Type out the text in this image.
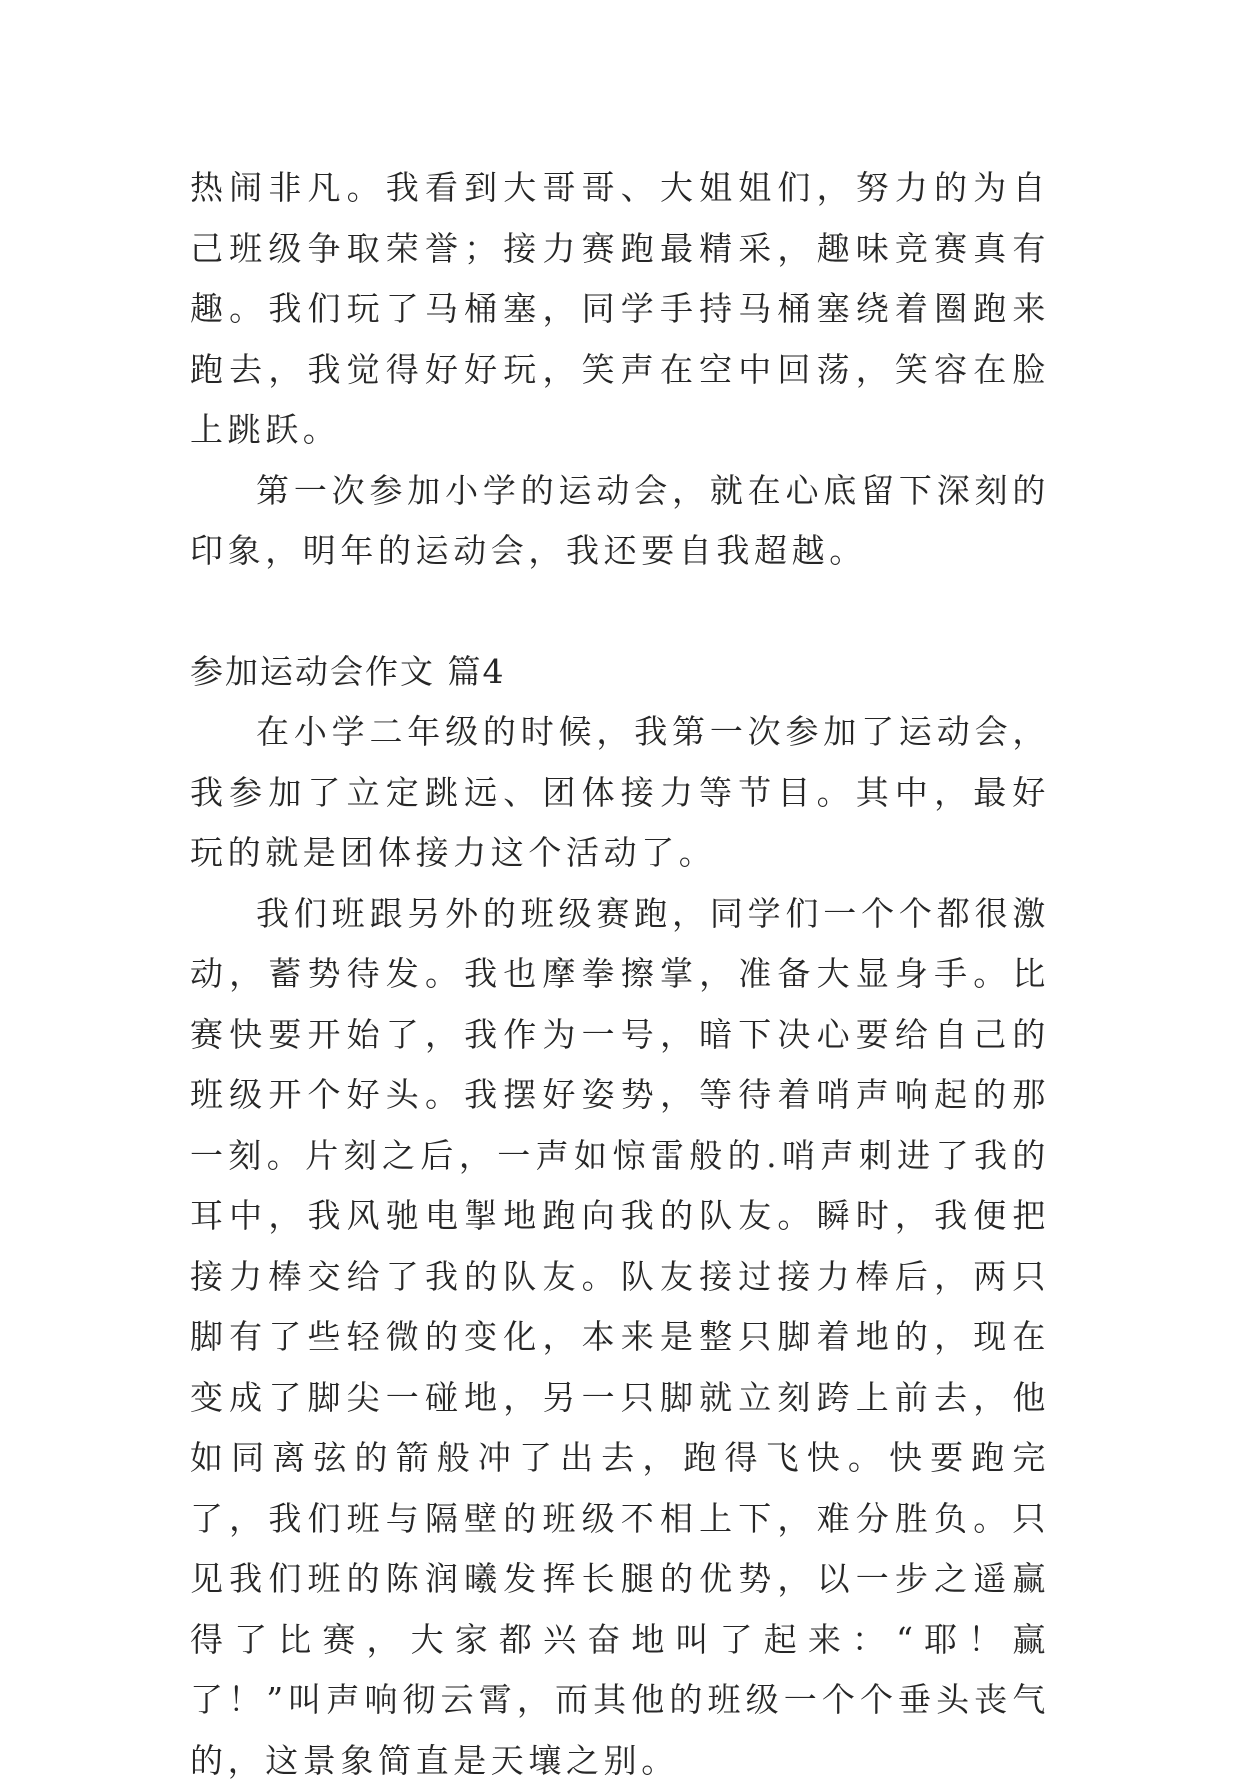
热闹非凡。我看到大哥哥、大姐姐们，努力的为自己班级争取荣誉；接力赛跑最精采，趣味竞赛真有趣。我们玩了马桶塞，同学手持马桶塞绕着圈跑来跑去，我觉得好好玩，笑声在空中回荡，笑容在脸上跳跃。

第一次参加小学的运动会，就在心底留下深刻的印象，明年的运动会，我还要自我超越。

参加运动会作文 篇4

在小学二年级的时候，我第一次参加了运动会，我参加了立定跳远、团体接力等节目。其中，最好玩的就是团体接力这个活动了。

我们班跟另外的班级赛跑，同学们一个个都很激动，蓄势待发。我也摩拳擦掌，准备大显身手。比赛快要开始了，我作为一号，暗下决心要给自己的班级开个好头。我摆好姿势，等待着哨声响起的那一刻。片刻之后，一声如惊雷般的.哨声刺进了我的耳中，我风驰电掣地跑向我的队友。瞬时，我便把接力棒交给了我的队友。队友接过接力棒后，两只脚有了些轻微的变化，本来是整只脚着地的，现在变成了脚尖一碰地，另一只脚就立刻跨上前去，他如同离弦的箭般冲了出去，跑得飞快。快要跑完了，我们班与隔壁的班级不相上下，难分胜负。只见我们班的陈润曦发挥长腿的优势，以一步之遥赢得了比赛，大家都兴奋地叫了起来：“耶！赢了！”叫声响彻云霄，而其他的班级一个个垂头丧气的，这景象简直是天壤之别。
